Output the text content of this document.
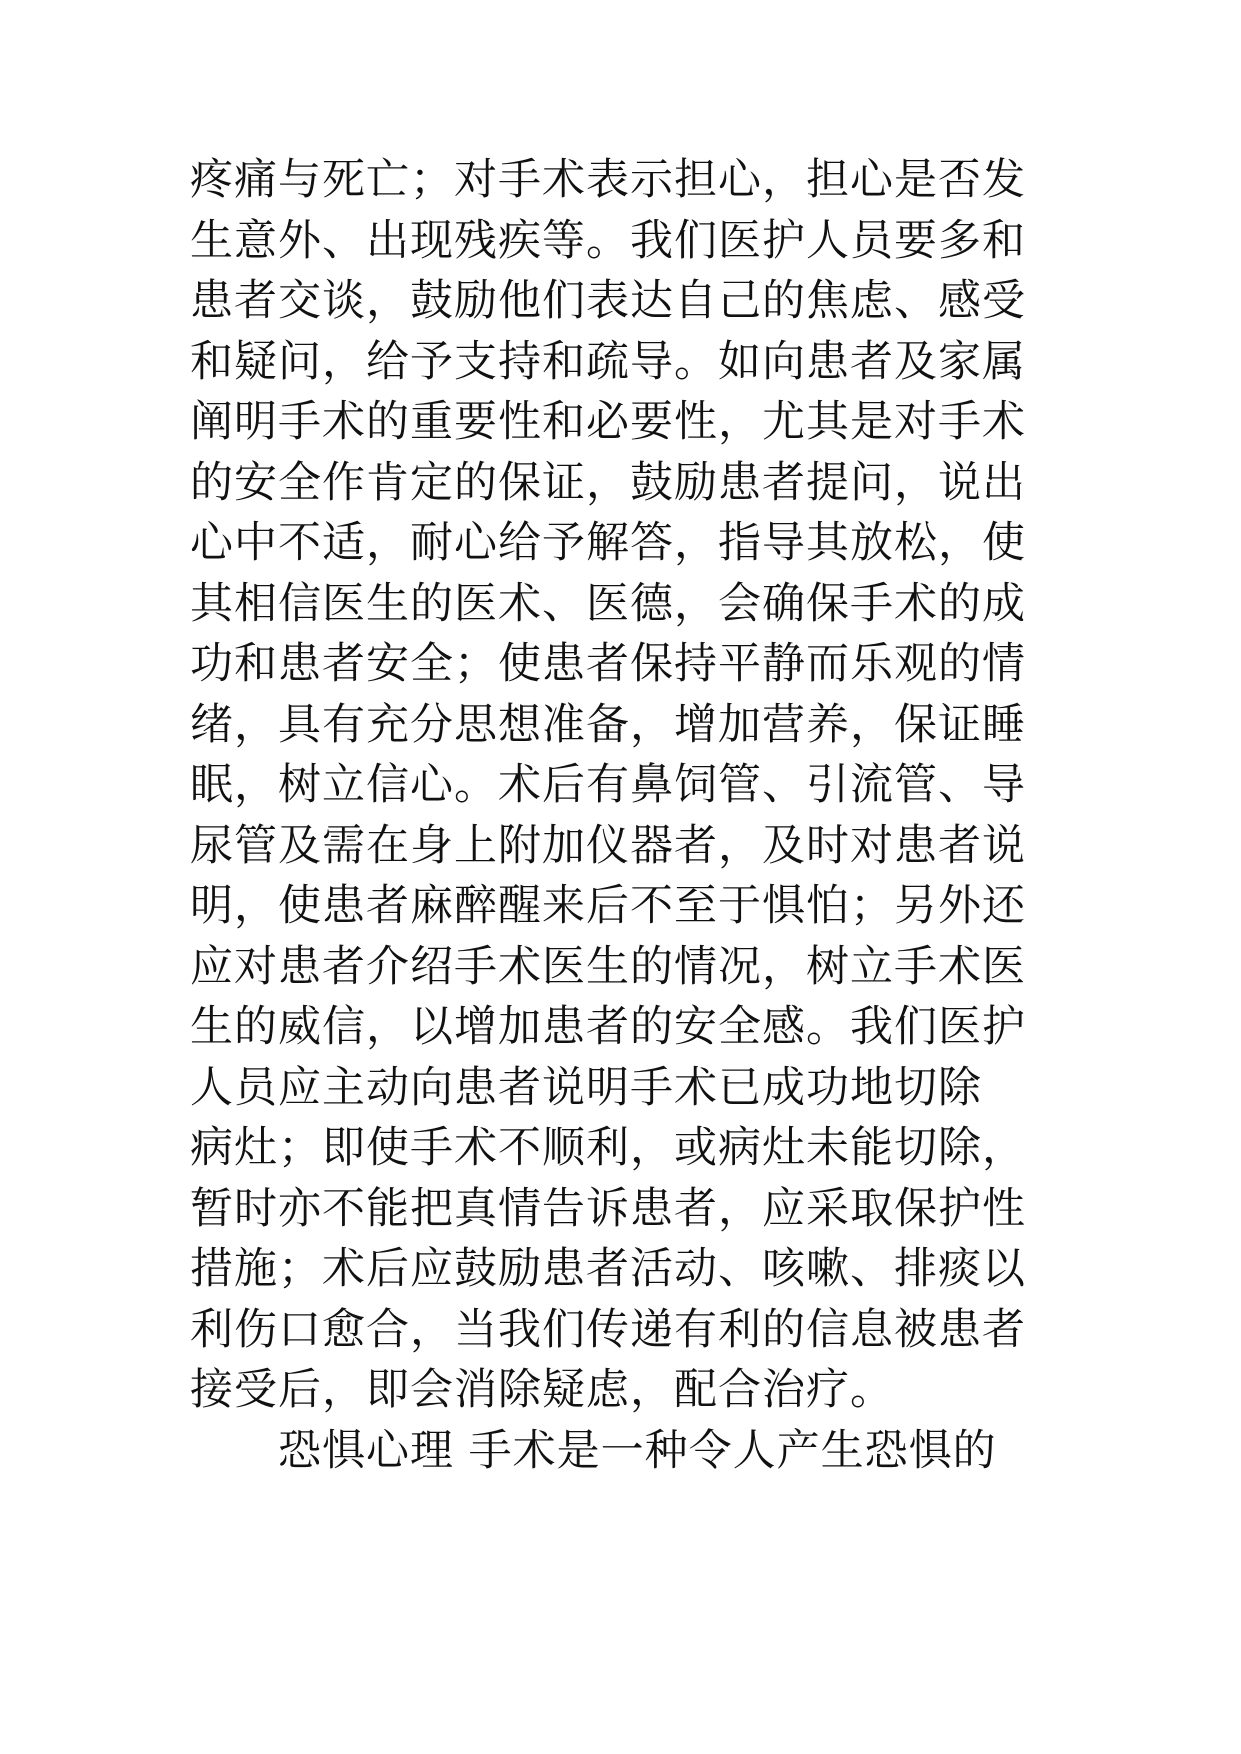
疼痛与死亡；对手术表示担心，担心是否发
生意外、出现残疾等。我们医护人员要多和
患者交谈，鼓励他们表达自己的焦虑、感受
和疑问，给予支持和疏导。如向患者及家属
阐明手术的重要性和必要性，尤其是对手术
的安全作肯定的保证，鼓励患者提问，说出
心中不适，耐心给予解答，指导其放松，使
其相信医生的医术、医德，会确保手术的成
功和患者安全；使患者保持平静而乐观的情
绪，具有充分思想准备，增加营养，保证睡
眠，树立信心。术后有鼻饲管、引流管、导
尿管及需在身上附加仪器者，及时对患者说
明，使患者麻醉醒来后不至于惧怕；另外还
应对患者介绍手术医生的情况，树立手术医
生的威信，以增加患者的安全感。我们医护
人员应主动向患者说明手术已成功地切除
病灶；即使手术不顺利，或病灶未能切除，
暂时亦不能把真情告诉患者，应采取保护性
措施；术后应鼓励患者活动、咳嗽、排痰以
利伤口愈合，当我们传递有利的信息被患者
接受后，即会消除疑虑，配合治疗。
恐惧心理 手术是一种令人产生恐惧的
